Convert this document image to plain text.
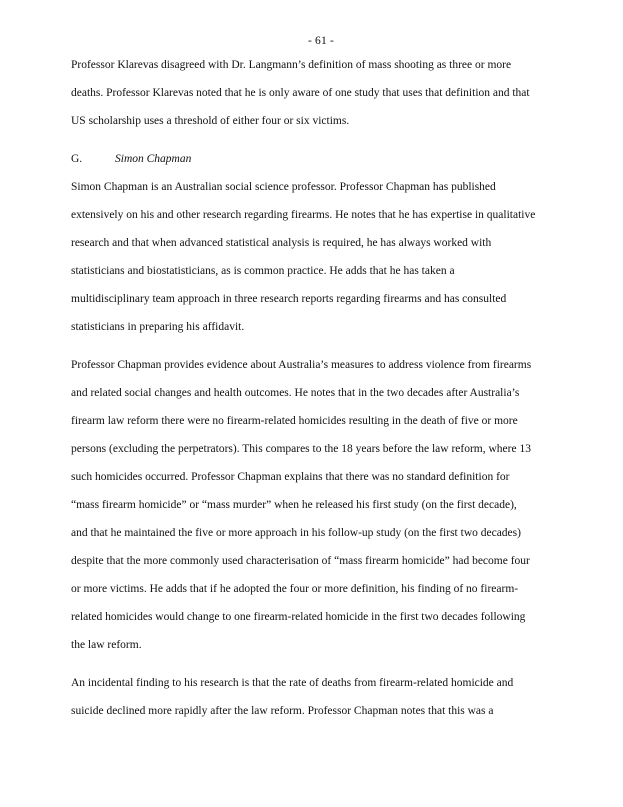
- 61 -
Professor Klarevas disagreed with Dr. Langmann’s definition of mass shooting as three or more
deaths. Professor Klarevas noted that he is only aware of one study that uses that definition and that
US scholarship uses a threshold of either four or six victims.
G.	Simon Chapman
Simon Chapman is an Australian social science professor. Professor Chapman has published
extensively on his and other research regarding firearms. He notes that he has expertise in qualitative
research and that when advanced statistical analysis is required, he has always worked with
statisticians and biostatisticians, as is common practice. He adds that he has taken a
multidisciplinary team approach in three research reports regarding firearms and has consulted
statisticians in preparing his affidavit.
Professor Chapman provides evidence about Australia’s measures to address violence from firearms
and related social changes and health outcomes. He notes that in the two decades after Australia’s
firearm law reform there were no firearm-related homicides resulting in the death of five or more
persons (excluding the perpetrators). This compares to the 18 years before the law reform, where 13
such homicides occurred. Professor Chapman explains that there was no standard definition for
“mass firearm homicide” or “mass murder” when he released his first study (on the first decade),
and that he maintained the five or more approach in his follow-up study (on the first two decades)
despite that the more commonly used characterisation of “mass firearm homicide” had become four
or more victims. He adds that if he adopted the four or more definition, his finding of no firearm-
related homicides would change to one firearm-related homicide in the first two decades following
the law reform.
An incidental finding to his research is that the rate of deaths from firearm-related homicide and
suicide declined more rapidly after the law reform. Professor Chapman notes that this was a
